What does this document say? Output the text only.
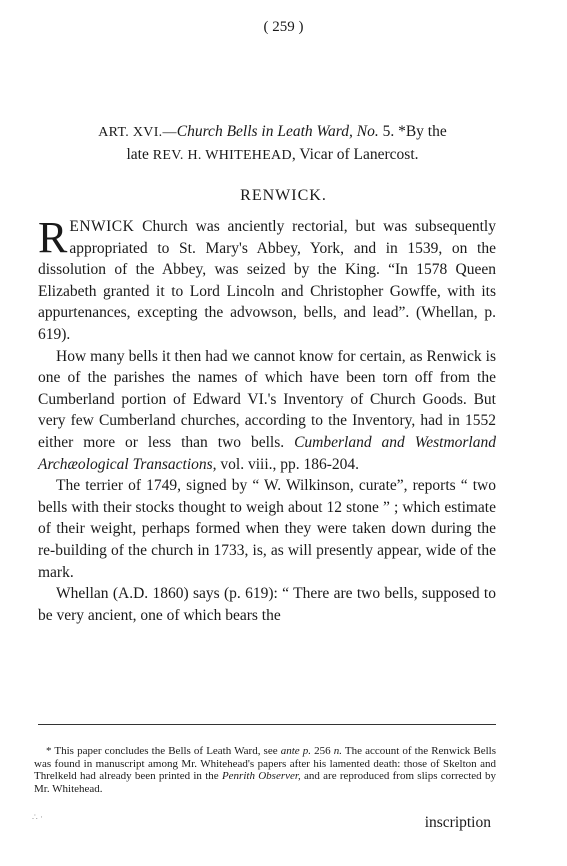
( 259 )
ART. XVI.—Church Bells in Leath Ward, No. 5. *By the
late REV. H. WHITEHEAD, Vicar of Lanercost.
RENWICK.

RENWICK Church was anciently rectorial, but was subsequently appropriated to St. Mary's Abbey, York, and in 1539, on the dissolution of the Abbey, was seized by the King. “In 1578 Queen Elizabeth granted it to Lord Lincoln and Christopher Gowffe, with its appurtenances, excepting the advowson, bells, and lead”. (Whellan, p. 619).

How many bells it then had we cannot know for certain, as Renwick is one of the parishes the names of which have been torn off from the Cumberland portion of Edward VI.'s Inventory of Church Goods. But very few Cumberland churches, according to the Inventory, had in 1552 either more or less than two bells. Cumberland and Westmorland Archæological Transactions, vol. viii., pp. 186-204.

The terrier of 1749, signed by “ W. Wilkinson, curate”, reports “ two bells with their stocks thought to weigh about 12 stone ” ; which estimate of their weight, perhaps formed when they were taken down during the re-building of the church in 1733, is, as will presently appear, wide of the mark.

Whellan (A.D. 1860) says (p. 619): “ There are two bells, supposed to be very ancient, one of which bears the

* This paper concludes the Bells of Leath Ward, see ante p. 256 n. The account of the Renwick Bells was found in manuscript among Mr. Whitehead's papers after his lamented death: those of Skelton and Threlkeld had already been printed in the Penrith Observer, and are reproduced from slips corrected by Mr. Whitehead.
∴ ·	inscription
